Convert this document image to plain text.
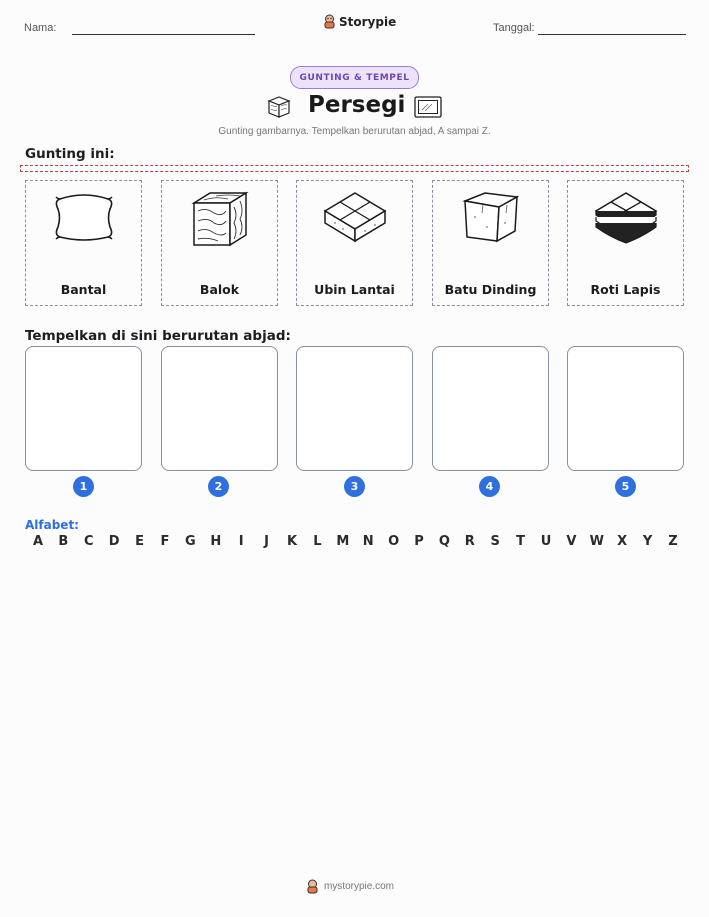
Nama:	Storypie	Tanggal:
GUNTING & TEMPEL
Persegi
Gunting gambarnya. Tempelkan berurutan abjad, A sampai Z.
Gunting ini:
Bantal	Balok	Ubin Lantai	Batu Dinding	Roti Lapis
Tempelkan di sini berurutan abjad:
1	2	3	4	5
Alfabet:
A B C D E F G H	I	J	K L M N O P Q R S T U V W X Y Z
mystorypie.com
